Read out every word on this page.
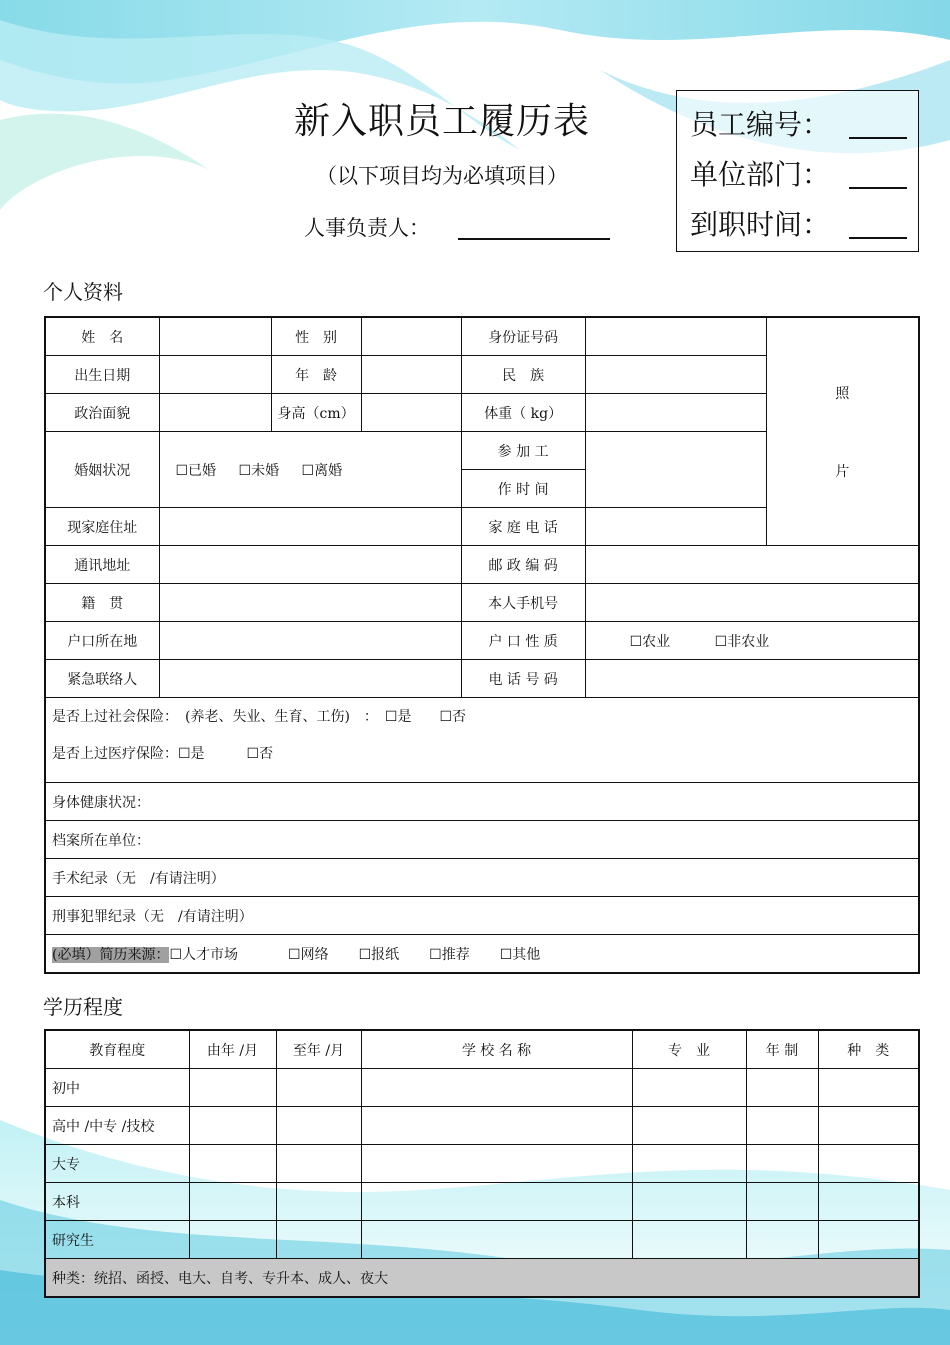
新入职员工履历表
（以下项目均为必填项目）
人事负责人：
员工编号：
单位部门：
到职时间：
个人资料
姓　名		性　别		身份证号码		照
片

出生日期		年　龄		民　族		
政治面貌		身高（cm）		体重（ kg）		
婚姻状况	☐已婚 ☐未婚 ☐离婚			参 加 工		
				作 时 间		
现家庭住址				家 庭 电 话		
通讯地址				邮 政 编 码		
籍　贯				本人手机号		
户口所在地				户 口 性 质	☐农业 ☐非农业	
紧急联络人				电 话 号 码		

是否上过社会保险：　(养老、失业、生育、工伤)　：　☐是　　☐否
是否上过医疗保险：☐是　　　☐否						

身体健康状况：						
档案所在单位：						
手术纪录（无　/有请注明）						
刑事犯罪纪录（无　/有请注明）						
(必填）简历来源：☐人才市场 ☐网络 ☐报纸 ☐推荐 ☐其他						
学历程度
教育程度	由年 /月	至年 /月	学 校 名 称	专　业	年 制	种　类
初中						
高中 /中专 /技校						
大专						
本科						
研究生						
种类：统招、函授、电大、自考、专升本、成人、夜大						
